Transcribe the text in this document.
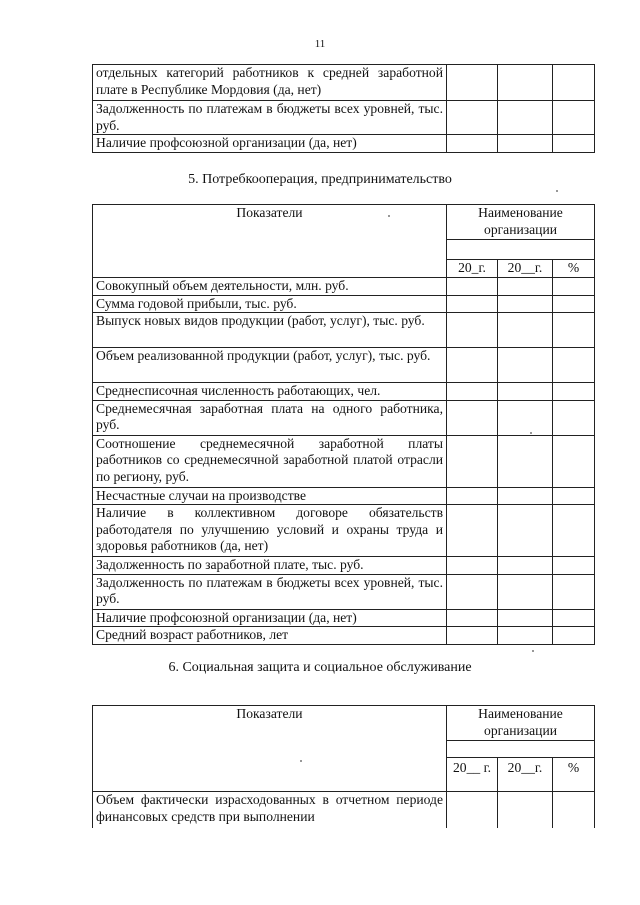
11
отдельных категорий работников к средней заработной плате в Республике Мордовия (да, нет)			
Задолженность по платежам в бюджеты всех уровней, тыс. руб.			
Наличие профсоюзной организации (да, нет)			
5. Потребкооперация, предпринимательство
Показатели	Наименование организации		

	20_г.	20__г.	%
Совокупный объем деятельности, млн. руб.			
Сумма годовой прибыли, тыс. руб.			
Выпуск новых видов продукции (работ, услуг), тыс. руб.			
Объем реализованной продукции (работ, услуг), тыс. руб.			
Среднесписочная численность работающих, чел.			
Среднемесячная заработная плата на одного работника, руб.			
Соотношение среднемесячной заработной платы работников со среднемесячной заработной платой отрасли по региону, руб.			
Несчастные случаи на производстве			
Наличие в коллективном договоре обязательств работодателя по улучшению условий и охраны труда и здоровья работников (да, нет)			
Задолженность по заработной плате, тыс. руб.			
Задолженность по платежам в бюджеты всех уровней, тыс. руб.			
Наличие профсоюзной организации (да, нет)			
Средний возраст работников, лет			
6. Социальная защита и социальное обслуживание
Показатели	Наименование организации		

	20__ г.	20__г.	%
Объем фактически израсходованных в отчетном периоде финансовых средств при выполнении			
